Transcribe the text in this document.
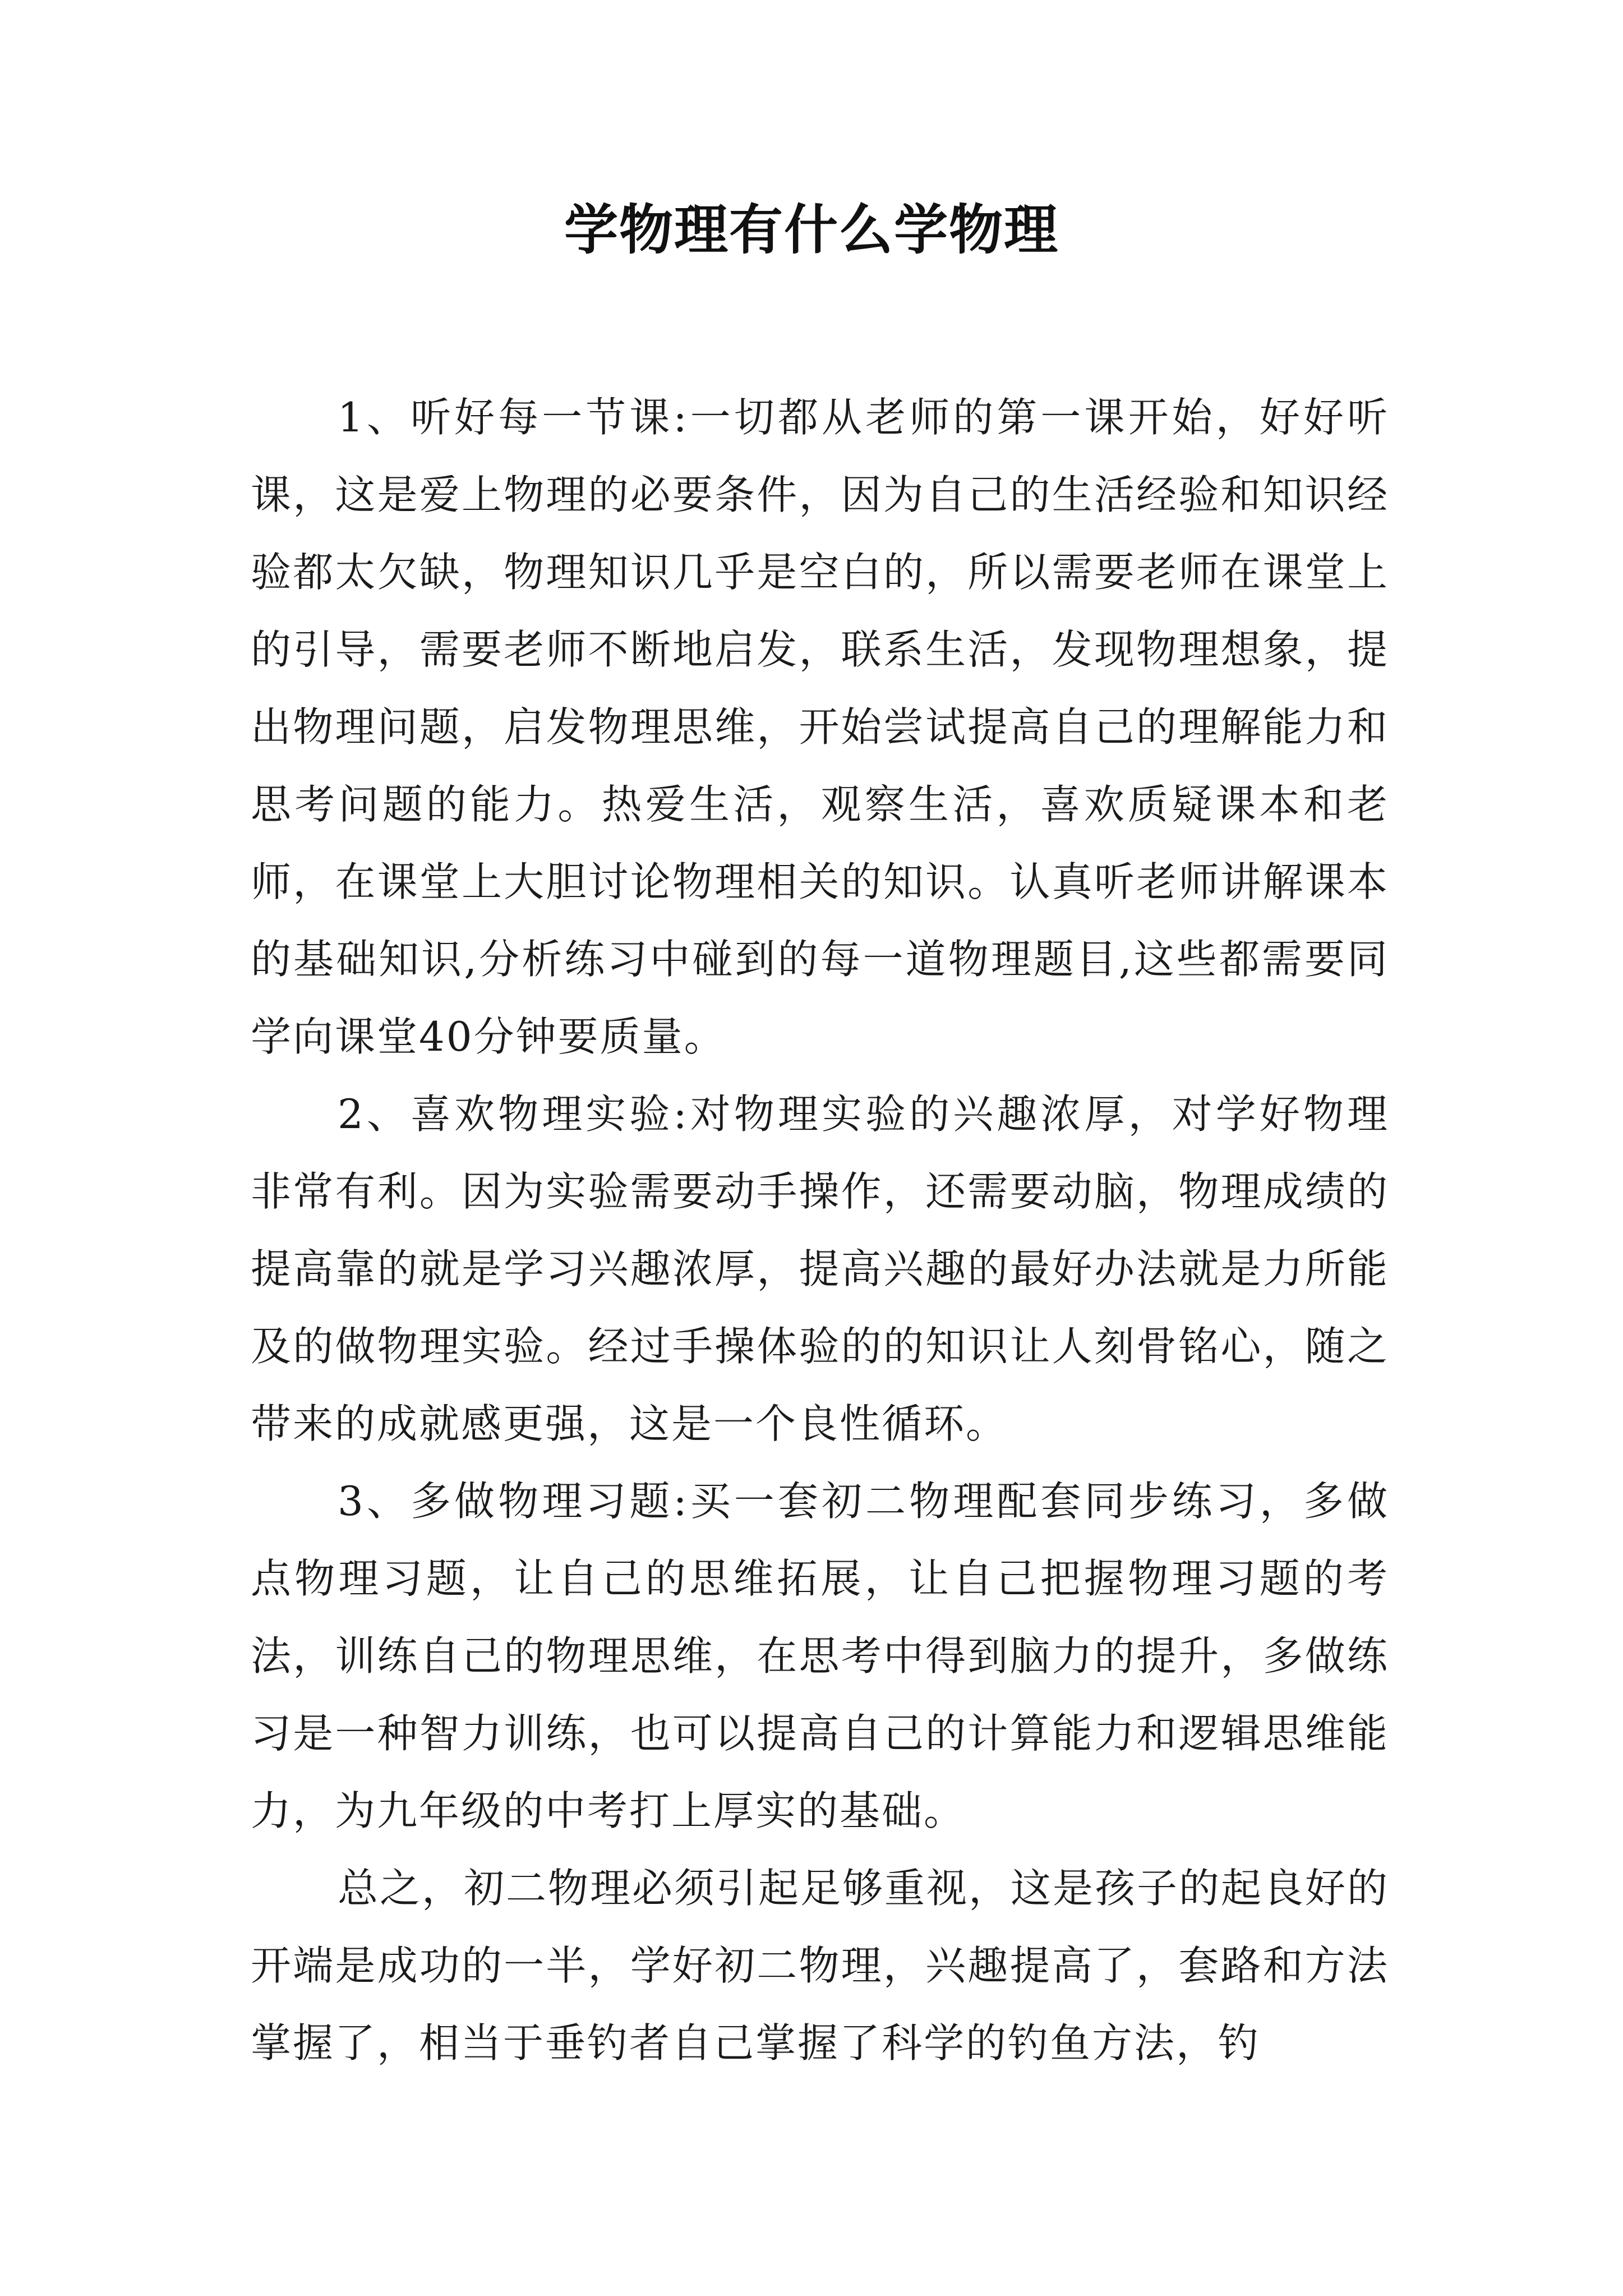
学物理有什么学物理

1、听好每一节课:一切都从老师的第一课开始，好好听课，这是爱上物理的必要条件，因为自己的生活经验和知识经验都太欠缺，物理知识几乎是空白的，所以需要老师在课堂上的引导，需要老师不断地启发，联系生活，发现物理想象，提出物理问题，启发物理思维，开始尝试提高自己的理解能力和思考问题的能力。热爱生活，观察生活，喜欢质疑课本和老师，在课堂上大胆讨论物理相关的知识。认真听老师讲解课本的基础知识,分析练习中碰到的每一道物理题目,这些都需要同学向课堂40分钟要质量。

2、喜欢物理实验:对物理实验的兴趣浓厚，对学好物理非常有利。因为实验需要动手操作，还需要动脑，物理成绩的提高靠的就是学习兴趣浓厚，提高兴趣的最好办法就是力所能及的做物理实验。经过手操体验的的知识让人刻骨铭心，随之带来的成就感更强，这是一个良性循环。

3、多做物理习题:买一套初二物理配套同步练习，多做点物理习题，让自己的思维拓展，让自己把握物理习题的考法，训练自己的物理思维，在思考中得到脑力的提升，多做练习是一种智力训练，也可以提高自己的计算能力和逻辑思维能力，为九年级的中考打上厚实的基础。

总之，初二物理必须引起足够重视，这是孩子的起良好的开端是成功的一半，学好初二物理，兴趣提高了，套路和方法掌握了，相当于垂钓者自己掌握了科学的钓鱼方法，钓
